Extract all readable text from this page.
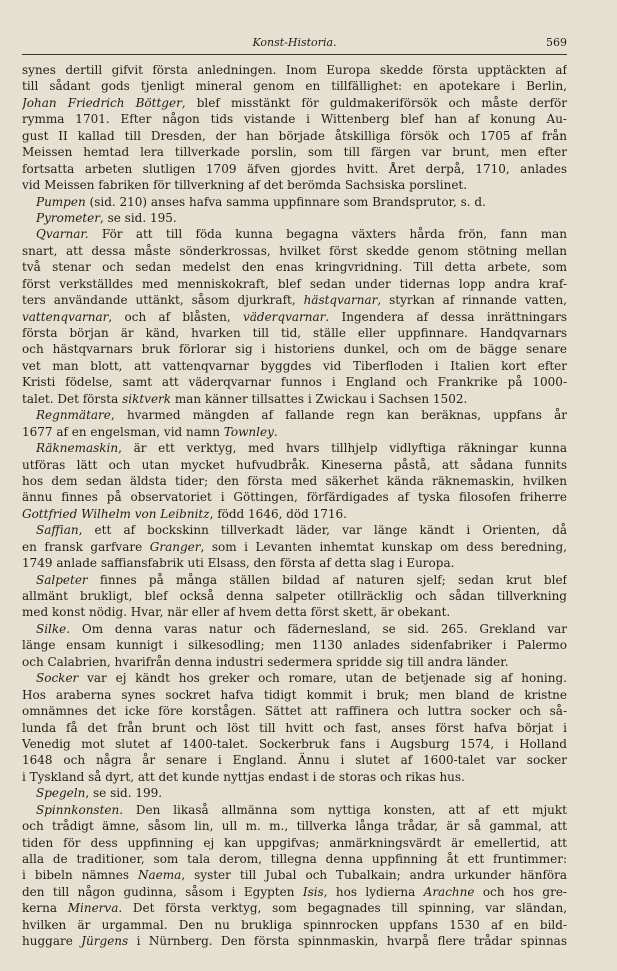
Konst-Historia.	569
synes dertill gifvit första anledningen. Inom Europa skedde första upptäckten af
till sådant gods tjenligt mineral genom en tillfällighet: en apotekare i Berlin,
Johan Friedrich Böttger, blef misstänkt för guldmakeriförsök och måste derför
rymma 1701. Efter någon tids vistande i Wittenberg blef han af konung Au-
gust II kallad till Dresden, der han började åtskilliga försök och 1705 af från
Meissen hemtad lera tillverkade porslin, som till färgen var brunt, men efter
fortsatta arbeten slutligen 1709 äfven gjordes hvitt. Året derpå, 1710, anlades
vid Meissen fabriken för tillverkning af det berömda Sachsiska porslinet.
Pumpen (sid. 210) anses hafva samma uppfinnare som Brandsprutor, s. d.
Pyrometer, se sid. 195.
Qvarnar. För att till föda kunna begagna växters hårda frön, fann man
snart, att dessa måste sönderkrossas, hvilket först skedde genom stötning mellan
två stenar och sedan medelst den enas kringvridning. Till detta arbete, som
först verkställdes med menniskokraft, blef sedan under tidernas lopp andra kraf-
ters användande uttänkt, såsom djurkraft, hästqvarnar, styrkan af rinnande vatten,
vattenqvarnar, och af blåsten, väderqvarnar. Ingendera af dessa inrättningars
första början är känd, hvarken till tid, ställe eller uppfinnare. Handqvarnars
och hästqvarnars bruk förlorar sig i historiens dunkel, och om de bägge senare
vet man blott, att vattenqvarnar byggdes vid Tiberfloden i Italien kort efter
Kristi födelse, samt att väderqvarnar funnos i England och Frankrike på 1000-
talet. Det första siktverk man känner tillsattes i Zwickau i Sachsen 1502.
Regnmätare, hvarmed mängden af fallande regn kan beräknas, uppfans år
1677 af en engelsman, vid namn Townley.
Räknemaskin, är ett verktyg, med hvars tillhjelp vidlyftiga räkningar kunna
utföras lätt och utan mycket hufvudbråk. Kineserna påstå, att sådana funnits
hos dem sedan äldsta tider; den första med säkerhet kända räknemaskin, hvilken
ännu finnes på observatoriet i Göttingen, förfärdigades af tyska filosofen friherre
Gottfried Wilhelm von Leibnitz, född 1646, död 1716.
Saffian, ett af bockskinn tillverkadt läder, var länge kändt i Orienten, då
en fransk garfvare Granger, som i Levanten inhemtat kunskap om dess beredning,
1749 anlade saffiansfabrik uti Elsass, den första af detta slag i Europa.
Salpeter finnes på många ställen bildad af naturen sjelf; sedan krut blef
allmänt brukligt, blef också denna salpeter otillräcklig och sådan tillverkning
med konst nödig. Hvar, när eller af hvem detta först skett, är obekant.
Silke. Om denna varas natur och fädernesland, se sid. 265. Grekland var
länge ensam kunnigt i silkesodling; men 1130 anlades sidenfabriker i Palermo
och Calabrien, hvarifrån denna industri sedermera spridde sig till andra länder.
Socker var ej kändt hos greker och romare, utan de betjenade sig af honing.
Hos araberna synes sockret hafva tidigt kommit i bruk; men bland de kristne
omnämnes det icke före korstågen. Sättet att raffinera och luttra socker och så-
lunda få det från brunt och löst till hvitt och fast, anses först hafva börjat i
Venedig mot slutet af 1400-talet. Sockerbruk fans i Augsburg 1574, i Holland
1648 och några år senare i England. Ännu i slutet af 1600-talet var socker
i Tyskland så dyrt, att det kunde nyttjas endast i de storas och rikas hus.
Spegeln, se sid. 199.
Spinnkonsten. Den likaså allmänna som nyttiga konsten, att af ett mjukt
och trådigt ämne, såsom lin, ull m. m., tillverka långa trådar, är så gammal, att
tiden för dess uppfinning ej kan uppgifvas; anmärkningsvärdt är emellertid, att
alla de traditioner, som tala derom, tillegna denna uppfinning åt ett fruntimmer:
i bibeln nämnes Naema, syster till Jubal och Tubalkain; andra urkunder hänföra
den till någon gudinna, såsom i Egypten Isis, hos lydierna Arachne och hos gre-
kerna Minerva. Det första verktyg, som begagnades till spinning, var sländan,
hvilken är urgammal. Den nu brukliga spinnrocken uppfans 1530 af en bild-
huggare Jürgens i Nürnberg. Den första spinnmaskin, hvarpå flere trådar spinnas
